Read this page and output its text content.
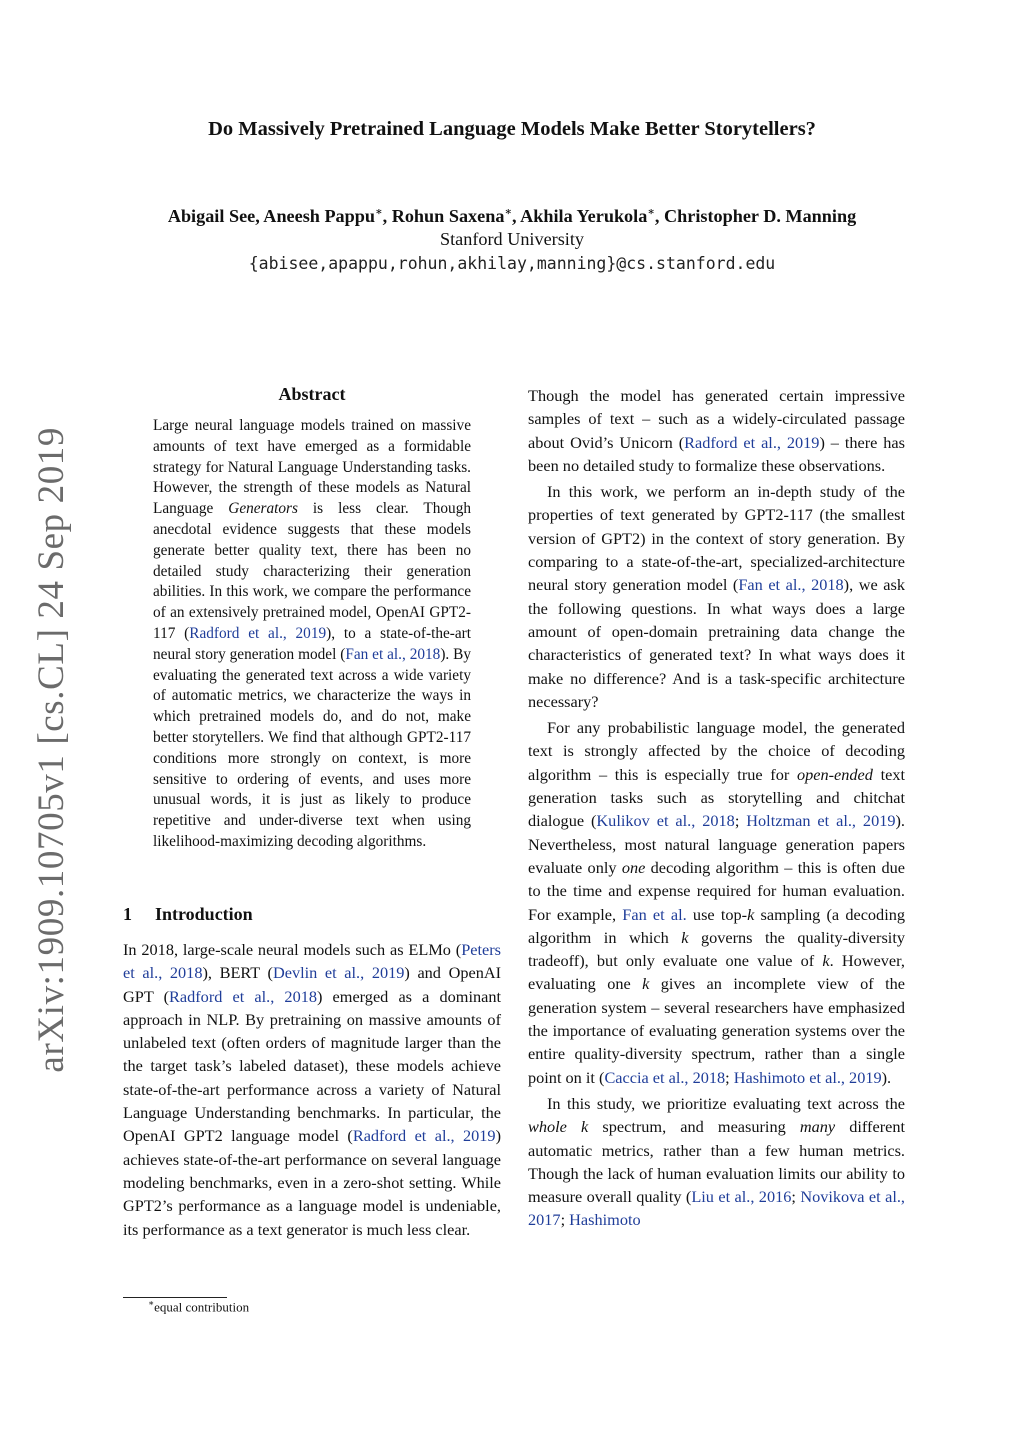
arXiv:1909.10705v1 [cs.CL] 24 Sep 2019
Do Massively Pretrained Language Models Make Better Storytellers?
Abigail See, Aneesh Pappu∗, Rohun Saxena∗, Akhila Yerukola∗, Christopher D. Manning
Stanford University
{abisee,apappu,rohun,akhilay,manning}@cs.stanford.edu
Abstract
Large neural language models trained on massive amounts of text have emerged as a formidable strategy for Natural Language Understanding tasks. However, the strength of these models as Natural Language Generators is less clear. Though anecdotal evidence suggests that these models generate better quality text, there has been no detailed study characterizing their generation abilities. In this work, we compare the performance of an extensively pretrained model, OpenAI GPT2-117 (Radford et al., 2019), to a state-of-the-art neural story generation model (Fan et al., 2018). By evaluating the generated text across a wide variety of automatic metrics, we characterize the ways in which pretrained models do, and do not, make better storytellers. We find that although GPT2-117 conditions more strongly on context, is more sensitive to ordering of events, and uses more unusual words, it is just as likely to produce repetitive and under-diverse text when using likelihood-maximizing decoding algorithms.
1 Introduction
In 2018, large-scale neural models such as ELMo (Peters et al., 2018), BERT (Devlin et al., 2019) and OpenAI GPT (Radford et al., 2018) emerged as a dominant approach in NLP. By pretraining on massive amounts of unlabeled text (often orders of magnitude larger than the the target task’s labeled dataset), these models achieve state-of-the-art performance across a variety of Natural Language Understanding benchmarks. In particular, the OpenAI GPT2 language model (Radford et al., 2019) achieves state-of-the-art performance on several language modeling benchmarks, even in a zero-shot setting. While GPT2’s performance as a language model is undeniable, its performance as a text generator is much less clear.
∗equal contribution

Though the model has generated certain impressive samples of text – such as a widely-circulated passage about Ovid’s Unicorn (Radford et al., 2019) – there has been no detailed study to formalize these observations.

In this work, we perform an in-depth study of the properties of text generated by GPT2-117 (the smallest version of GPT2) in the context of story generation. By comparing to a state-of-the-art, specialized-architecture neural story generation model (Fan et al., 2018), we ask the following questions. In what ways does a large amount of open-domain pretraining data change the characteristics of generated text? In what ways does it make no difference? And is a task-specific architecture necessary?

For any probabilistic language model, the generated text is strongly affected by the choice of decoding algorithm – this is especially true for open-ended text generation tasks such as storytelling and chitchat dialogue (Kulikov et al., 2018; Holtzman et al., 2019). Nevertheless, most natural language generation papers evaluate only one decoding algorithm – this is often due to the time and expense required for human evaluation. For example, Fan et al. use top-k sampling (a decoding algorithm in which k governs the quality-diversity tradeoff), but only evaluate one value of k. However, evaluating one k gives an incomplete view of the generation system – several researchers have emphasized the importance of evaluating generation systems over the entire quality-diversity spectrum, rather than a single point on it (Caccia et al., 2018; Hashimoto et al., 2019).

In this study, we prioritize evaluating text across the whole k spectrum, and measuring many different automatic metrics, rather than a few human metrics. Though the lack of human evaluation limits our ability to measure overall quality (Liu et al., 2016; Novikova et al., 2017; Hashimoto
